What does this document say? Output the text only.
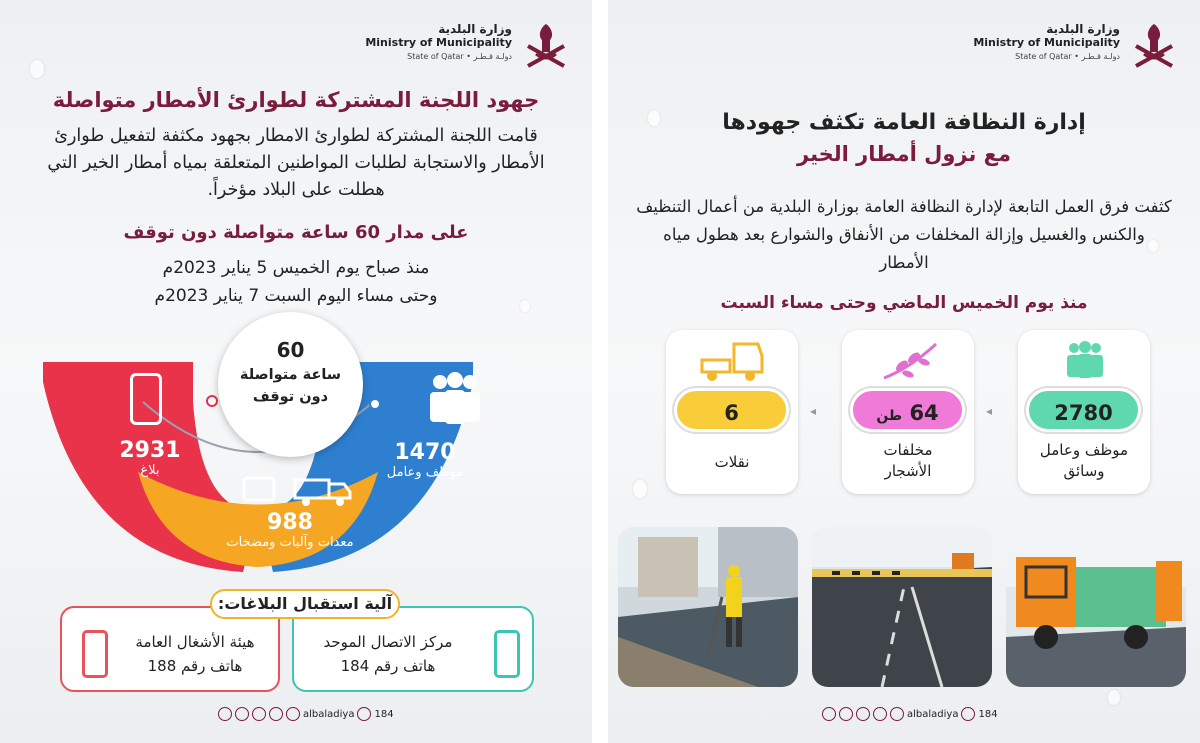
وزارة البلدية
Ministry of Municipality
State of Qatar • دولـة قـطـر
جهود اللجنة المشتركة لطوارئ الأمطار متواصلة
قامت اللجنة المشتركة لطوارئ الامطار بجهود مكثفة لتفعيل طوارئ الأمطار والاستجابة لطلبات المواطنين المتعلقة بمياه أمطار الخير التي هطلت على البلاد مؤخراً.
على مدار 60 ساعة متواصلة دون توقف
منذ صباح يوم الخميس 5 يناير 2023م
وحتى مساء اليوم السبت 7 يناير 2023م
60
ساعة متواصلة
دون توقف
2931
بلاغ
1470
موظف وعامل
988
معدات وآليات ومضخات
هيئة الأشغال العامة
هاتف رقم 188
مركز الاتصال الموحد
هاتف رقم 184
آلية استقبال البلاغات:
albaladiya 184
وزارة البلدية
Ministry of Municipality
State of Qatar • دولـة قـطـر
إدارة النظافة العامة تكثف جهودها
مع نزول أمطار الخير
كثفت فرق العمل التابعة لإدارة النظافة العامة بوزارة البلدية من أعمال التنظيف والكنس والغسيل وإزالة المخلفات من الأنفاق والشوارع بعد هطول مياه الأمطار
منذ يوم الخميس الماضي وحتى مساء السبت
2780
64 طن
6	◂
◂
موظف وعامل
وسائق
مخلفات
الأشجار
نقلات
albaladiya 184
